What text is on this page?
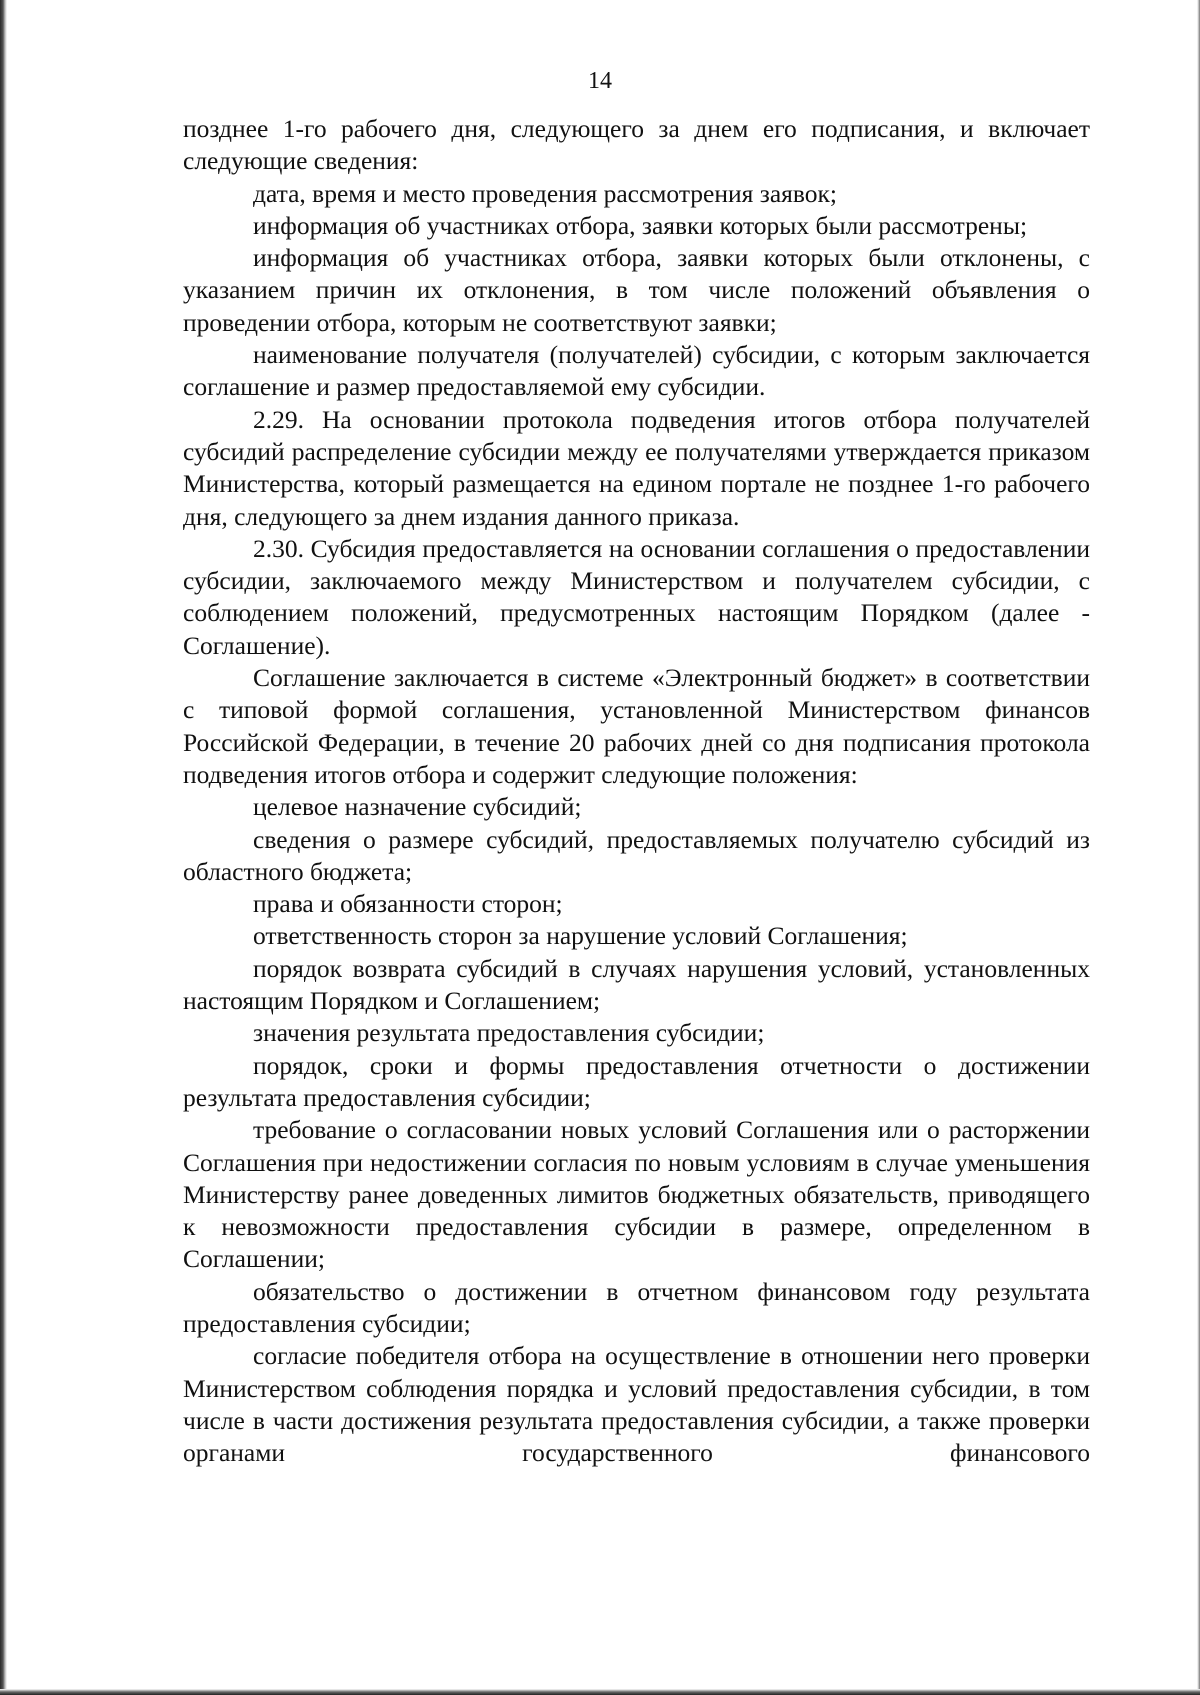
14

позднее 1-го рабочего дня, следующего за днем его подписания, и включает следующие сведения:

дата, время и место проведения рассмотрения заявок;

информация об участниках отбора, заявки которых были рассмотрены;

информация об участниках отбора, заявки которых были отклонены, с указанием причин их отклонения, в том числе положений объявления о проведении отбора, которым не соответствуют заявки;

наименование получателя (получателей) субсидии, с которым заключается соглашение и размер предоставляемой ему субсидии.

2.29. На основании протокола подведения итогов отбора получателей субсидий распределение субсидии между ее получателями утверждается приказом Министерства, который размещается на едином портале не позднее 1-го рабочего дня, следующего за днем издания данного приказа.

2.30. Субсидия предоставляется на основании соглашения о предоставлении субсидии, заключаемого между Министерством и получателем субсидии, с соблюдением положений, предусмотренных настоящим Порядком (далее - Соглашение).

Соглашение заключается в системе «Электронный бюджет» в соответствии с типовой формой соглашения, установленной Министерством финансов Российской Федерации, в течение 20 рабочих дней со дня подписания протокола подведения итогов отбора и содержит следующие положения:

целевое назначение субсидий;

сведения о размере субсидий, предоставляемых получателю субсидий из областного бюджета;

права и обязанности сторон;

ответственность сторон за нарушение условий Соглашения;

порядок возврата субсидий в случаях нарушения условий, установленных настоящим Порядком и Соглашением;

значения результата предоставления субсидии;

порядок, сроки и формы предоставления отчетности о достижении результата предоставления субсидии;

требование о согласовании новых условий Соглашения или о расторжении Соглашения при недостижении согласия по новым условиям в случае уменьшения Министерству ранее доведенных лимитов бюджетных обязательств, приводящего к невозможности предоставления субсидии в размере, определенном в Соглашении;

обязательство о достижении в отчетном финансовом году результата предоставления субсидии;

согласие победителя отбора на осуществление в отношении него проверки Министерством соблюдения порядка и условий предоставления субсидии, в том числе в части достижения результата предоставления субсидии, а также проверки органами государственного финансового
